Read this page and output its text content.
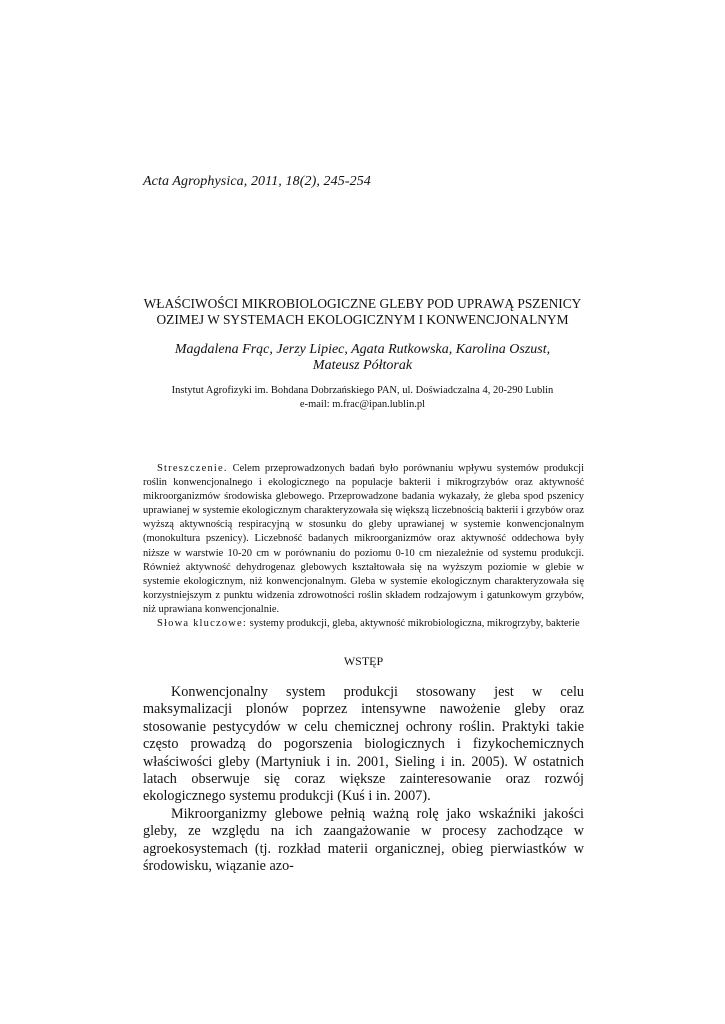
Acta Agrophysica, 2011, 18(2), 245-254
WŁAŚCIWOŚCI MIKROBIOLOGICZNE GLEBY POD UPRAWĄ PSZENICY
OZIMEJ W SYSTEMACH EKOLOGICZNYM I KONWENCJONALNYM
Magdalena Frąc, Jerzy Lipiec, Agata Rutkowska, Karolina Oszust,
Mateusz Półtorak
Instytut Agrofizyki im. Bohdana Dobrzańskiego PAN, ul. Doświadczalna 4, 20-290 Lublin
e-mail: m.frac@ipan.lublin.pl

Streszczenie. Celem przeprowadzonych badań było porównaniu wpływu systemów produkcji roślin konwencjonalnego i ekologicznego na populacje bakterii i mikrogrzybów oraz aktywność mikroorganizmów środowiska glebowego. Przeprowadzone badania wykazały, że gleba spod pszenicy uprawianej w systemie ekologicznym charakteryzowała się większą liczebnością bakterii i grzybów oraz wyższą aktywnością respiracyjną w stosunku do gleby uprawianej w systemie konwencjonalnym (monokultura pszenicy). Liczebność badanych mikroorganizmów oraz aktywność oddechowa były niższe w warstwie 10-20 cm w porównaniu do poziomu 0-10 cm niezależnie od systemu produkcji. Również aktywność dehydrogenaz glebowych kształtowała się na wyższym poziomie w glebie w systemie ekologicznym, niż konwencjonalnym. Gleba w systemie ekologicznym charakteryzowała się korzystniejszym z punktu widzenia zdrowotności roślin składem rodzajowym i gatunkowym grzybów, niż uprawiana konwencjonalnie.

Słowa kluczowe: systemy produkcji, gleba, aktywność mikrobiologiczna, mikrogrzyby, bakterie

WSTĘP

Konwencjonalny system produkcji stosowany jest w celu maksymalizacji plonów poprzez intensywne nawożenie gleby oraz stosowanie pestycydów w celu chemicznej ochrony roślin. Praktyki takie często prowadzą do pogorszenia biologicznych i fizykochemicznych właściwości gleby (Martyniuk i in. 2001, Sieling i in. 2005). W ostatnich latach obserwuje się coraz większe zainteresowanie oraz rozwój ekologicznego systemu produkcji (Kuś i in. 2007).

Mikroorganizmy glebowe pełnią ważną rolę jako wskaźniki jakości gleby, ze względu na ich zaangażowanie w procesy zachodzące w agroekosystemach (tj. rozkład materii organicznej, obieg pierwiastków w środowisku, wiązanie azo-
